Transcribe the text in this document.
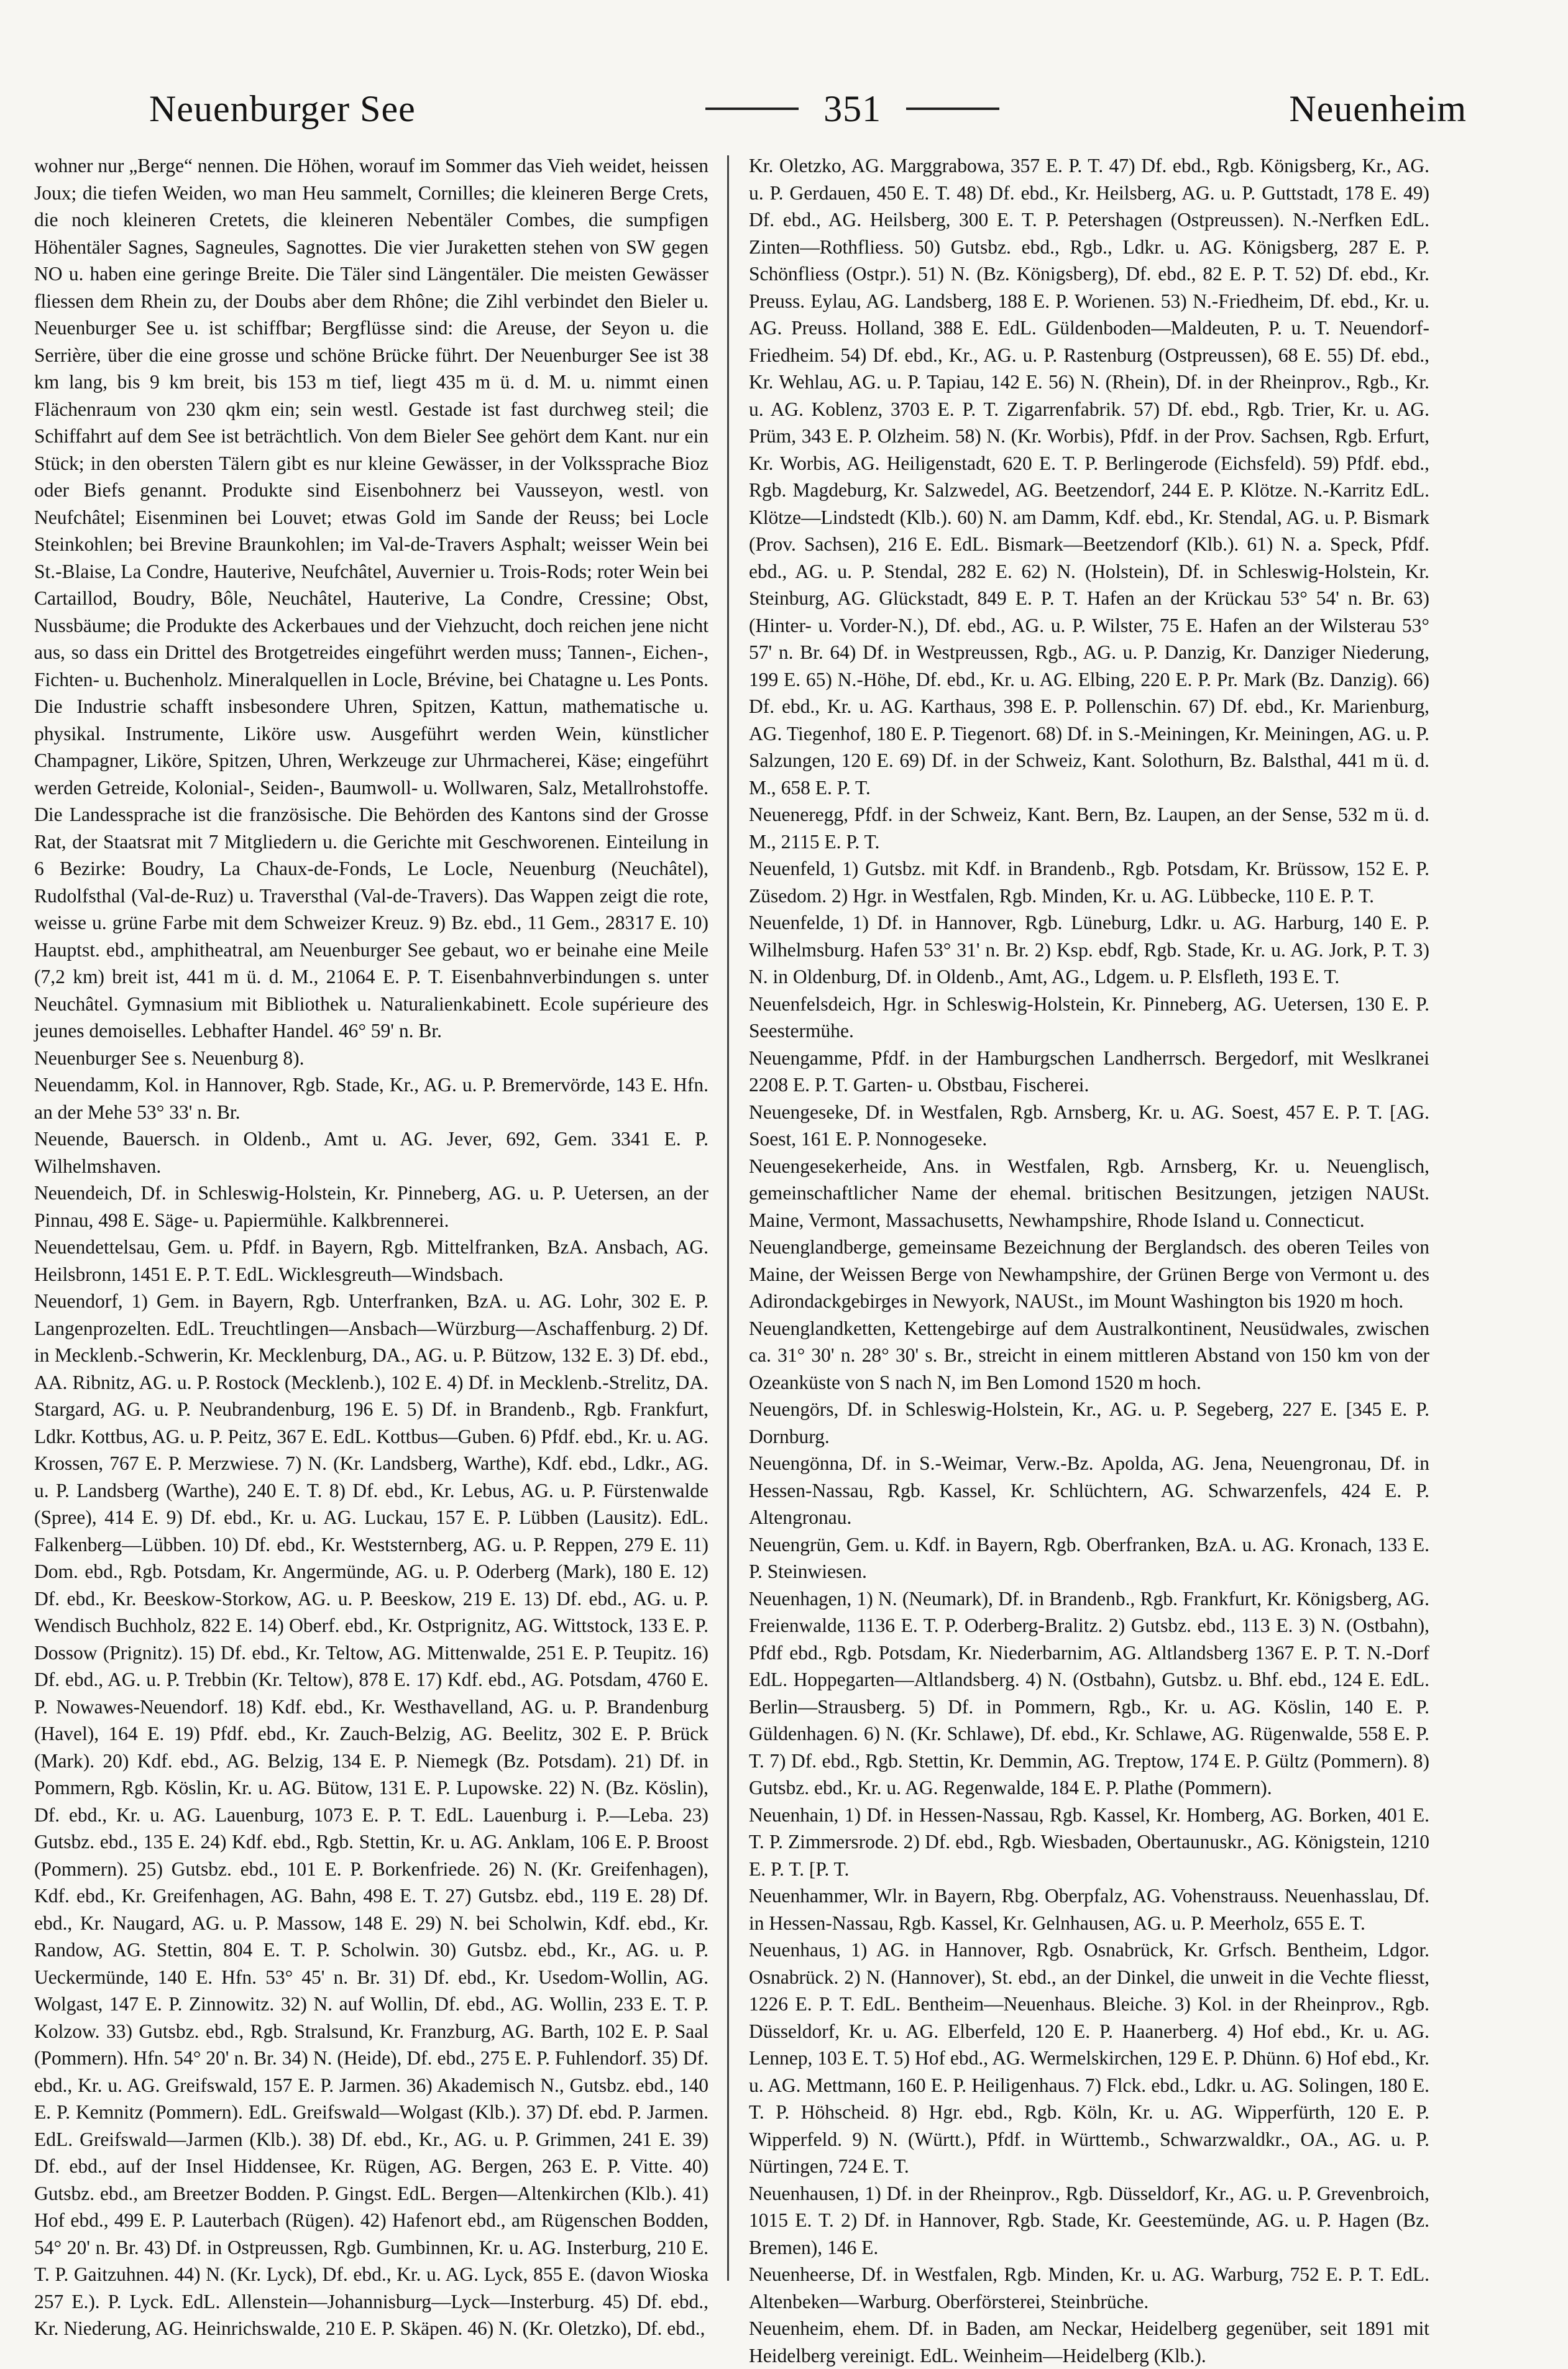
Neuenburger See	351	Neuenheim

wohner nur „Berge“ nennen. Die Höhen, worauf im Sommer das Vieh weidet, heissen Joux; die tiefen Weiden, wo man Heu sammelt, Cornilles; die kleineren Berge Crets, die noch kleineren Cretets, die kleineren Nebentäler Combes, die sumpfigen Höhentäler Sagnes, Sagneules, Sagnottes. Die vier Juraketten stehen von SW gegen NO u. haben eine geringe Breite. Die Täler sind Längentäler. Die meisten Gewässer fliessen dem Rhein zu, der Doubs aber dem Rhône; die Zihl verbindet den Bieler u. Neuenburger See u. ist schiffbar; Bergflüsse sind: die Areuse, der Seyon u. die Serrière, über die eine grosse und schöne Brücke führt. Der Neuenburger See ist 38 km lang, bis 9 km breit, bis 153 m tief, liegt 435 m ü. d. M. u. nimmt einen Flächenraum von 230 qkm ein; sein westl. Gestade ist fast durchweg steil; die Schiffahrt auf dem See ist beträchtlich. Von dem Bieler See gehört dem Kant. nur ein Stück; in den obersten Tälern gibt es nur kleine Gewässer, in der Volkssprache Bioz oder Biefs genannt. Produkte sind Eisenbohnerz bei Vausseyon, westl. von Neufchâtel; Eisenminen bei Louvet; etwas Gold im Sande der Reuss; bei Locle Steinkohlen; bei Brevine Braunkohlen; im Val-de-Travers Asphalt; weisser Wein bei St.-Blaise, La Condre, Hauterive, Neufchâtel, Auvernier u. Trois-Rods; roter Wein bei Cartaillod, Boudry, Bôle, Neuchâtel, Hauterive, La Condre, Cressine; Obst, Nussbäume; die Produkte des Ackerbaues und der Viehzucht, doch reichen jene nicht aus, so dass ein Drittel des Brotgetreides eingeführt werden muss; Tannen-, Eichen-, Fichten- u. Buchenholz. Mineralquellen in Locle, Brévine, bei Chatagne u. Les Ponts. Die Industrie schafft insbesondere Uhren, Spitzen, Kattun, mathematische u. physikal. Instrumente, Liköre usw. Ausgeführt werden Wein, künstlicher Champagner, Liköre, Spitzen, Uhren, Werkzeuge zur Uhrmacherei, Käse; eingeführt werden Getreide, Kolonial-, Seiden-, Baumwoll- u. Wollwaren, Salz, Metallrohstoffe. Die Landessprache ist die französische. Die Behörden des Kantons sind der Grosse Rat, der Staatsrat mit 7 Mitgliedern u. die Gerichte mit Geschworenen. Einteilung in 6 Bezirke: Boudry, La Chaux-de-Fonds, Le Locle, Neuenburg (Neuchâtel), Rudolfsthal (Val-de-Ruz) u. Traversthal (Val-de-Travers). Das Wappen zeigt die rote, weisse u. grüne Farbe mit dem Schweizer Kreuz. 9) Bz. ebd., 11 Gem., 28317 E. 10) Hauptst. ebd., amphitheatral, am Neuenburger See gebaut, wo er beinahe eine Meile (7,2 km) breit ist, 441 m ü. d. M., 21064 E. P. T. Eisenbahnverbindungen s. unter Neuchâtel. Gymnasium mit Bibliothek u. Naturalienkabinett. Ecole supérieure des jeunes demoiselles. Lebhafter Handel. 46° 59' n. Br.

Neuenburger See s. Neuenburg 8).

Neuendamm, Kol. in Hannover, Rgb. Stade, Kr., AG. u. P. Bremervörde, 143 E. Hfn. an der Mehe 53° 33' n. Br.

Neuende, Bauersch. in Oldenb., Amt u. AG. Jever, 692, Gem. 3341 E. P. Wilhelmshaven.

Neuendeich, Df. in Schleswig-Holstein, Kr. Pinneberg, AG. u. P. Uetersen, an der Pinnau, 498 E. Säge- u. Papiermühle. Kalkbrennerei.

Neuendettelsau, Gem. u. Pfdf. in Bayern, Rgb. Mittelfranken, BzA. Ansbach, AG. Heilsbronn, 1451 E. P. T. EdL. Wicklesgreuth—Windsbach.

Neuendorf, 1) Gem. in Bayern, Rgb. Unterfranken, BzA. u. AG. Lohr, 302 E. P. Langenprozelten. EdL. Treuchtlingen—Ansbach—Würzburg—Aschaffenburg. 2) Df. in Mecklenb.-Schwerin, Kr. Mecklenburg, DA., AG. u. P. Bützow, 132 E. 3) Df. ebd., AA. Ribnitz, AG. u. P. Rostock (Mecklenb.), 102 E. 4) Df. in Mecklenb.-Strelitz, DA. Stargard, AG. u. P. Neubrandenburg, 196 E. 5) Df. in Brandenb., Rgb. Frankfurt, Ldkr. Kottbus, AG. u. P. Peitz, 367 E. EdL. Kottbus—Guben. 6) Pfdf. ebd., Kr. u. AG. Krossen, 767 E. P. Merzwiese. 7) N. (Kr. Landsberg, Warthe), Kdf. ebd., Ldkr., AG. u. P. Landsberg (Warthe), 240 E. T. 8) Df. ebd., Kr. Lebus, AG. u. P. Fürstenwalde (Spree), 414 E. 9) Df. ebd., Kr. u. AG. Luckau, 157 E. P. Lübben (Lausitz). EdL. Falkenberg—Lübben. 10) Df. ebd., Kr. Weststernberg, AG. u. P. Reppen, 279 E. 11) Dom. ebd., Rgb. Potsdam, Kr. Angermünde, AG. u. P. Oderberg (Mark), 180 E. 12) Df. ebd., Kr. Beeskow-Storkow, AG. u. P. Beeskow, 219 E. 13) Df. ebd., AG. u. P. Wendisch Buchholz, 822 E. 14) Oberf. ebd., Kr. Ostprignitz, AG. Wittstock, 133 E. P. Dossow (Prignitz). 15) Df. ebd., Kr. Teltow, AG. Mittenwalde, 251 E. P. Teupitz. 16) Df. ebd., AG. u. P. Trebbin (Kr. Teltow), 878 E. 17) Kdf. ebd., AG. Potsdam, 4760 E. P. Nowawes-Neuendorf. 18) Kdf. ebd., Kr. Westhavelland, AG. u. P. Brandenburg (Havel), 164 E. 19) Pfdf. ebd., Kr. Zauch-Belzig, AG. Beelitz, 302 E. P. Brück (Mark). 20) Kdf. ebd., AG. Belzig, 134 E. P. Niemegk (Bz. Potsdam). 21) Df. in Pommern, Rgb. Köslin, Kr. u. AG. Bütow, 131 E. P. Lupowske. 22) N. (Bz. Köslin), Df. ebd., Kr. u. AG. Lauenburg, 1073 E. P. T. EdL. Lauenburg i. P.—Leba. 23) Gutsbz. ebd., 135 E. 24) Kdf. ebd., Rgb. Stettin, Kr. u. AG. Anklam, 106 E. P. Broost (Pommern). 25) Gutsbz. ebd., 101 E. P. Borkenfriede. 26) N. (Kr. Greifenhagen), Kdf. ebd., Kr. Greifenhagen, AG. Bahn, 498 E. T. 27) Gutsbz. ebd., 119 E. 28) Df. ebd., Kr. Naugard, AG. u. P. Massow, 148 E. 29) N. bei Scholwin, Kdf. ebd., Kr. Randow, AG. Stettin, 804 E. T. P. Scholwin. 30) Gutsbz. ebd., Kr., AG. u. P. Ueckermünde, 140 E. Hfn. 53° 45' n. Br. 31) Df. ebd., Kr. Usedom-Wollin, AG. Wolgast, 147 E. P. Zinnowitz. 32) N. auf Wollin, Df. ebd., AG. Wollin, 233 E. T. P. Kolzow. 33) Gutsbz. ebd., Rgb. Stralsund, Kr. Franzburg, AG. Barth, 102 E. P. Saal (Pommern). Hfn. 54° 20' n. Br. 34) N. (Heide), Df. ebd., 275 E. P. Fuhlendorf. 35) Df. ebd., Kr. u. AG. Greifswald, 157 E. P. Jarmen. 36) Akademisch N., Gutsbz. ebd., 140 E. P. Kemnitz (Pommern). EdL. Greifswald—Wolgast (Klb.). 37) Df. ebd. P. Jarmen. EdL. Greifswald—Jarmen (Klb.). 38) Df. ebd., Kr., AG. u. P. Grimmen, 241 E. 39) Df. ebd., auf der Insel Hiddensee, Kr. Rügen, AG. Bergen, 263 E. P. Vitte. 40) Gutsbz. ebd., am Breetzer Bodden. P. Gingst. EdL. Bergen—Altenkirchen (Klb.). 41) Hof ebd., 499 E. P. Lauterbach (Rügen). 42) Hafenort ebd., am Rügenschen Bodden, 54° 20' n. Br. 43) Df. in Ostpreussen, Rgb. Gumbinnen, Kr. u. AG. Insterburg, 210 E. T. P. Gaitzuhnen. 44) N. (Kr. Lyck), Df. ebd., Kr. u. AG. Lyck, 855 E. (davon Wioska 257 E.). P. Lyck. EdL. Allenstein—Johannisburg—Lyck—Insterburg. 45) Df. ebd., Kr. Niederung, AG. Heinrichswalde, 210 E. P. Skäpen. 46) N. (Kr. Oletzko), Df. ebd.,

Kr. Oletzko, AG. Marggrabowa, 357 E. P. T. 47) Df. ebd., Rgb. Königsberg, Kr., AG. u. P. Gerdauen, 450 E. T. 48) Df. ebd., Kr. Heilsberg, AG. u. P. Guttstadt, 178 E. 49) Df. ebd., AG. Heilsberg, 300 E. T. P. Petershagen (Ostpreussen). N.-Nerfken EdL. Zinten—Rothfliess. 50) Gutsbz. ebd., Rgb., Ldkr. u. AG. Königsberg, 287 E. P. Schönfliess (Ostpr.). 51) N. (Bz. Königsberg), Df. ebd., 82 E. P. T. 52) Df. ebd., Kr. Preuss. Eylau, AG. Landsberg, 188 E. P. Worienen. 53) N.-Friedheim, Df. ebd., Kr. u. AG. Preuss. Holland, 388 E. EdL. Güldenboden—Maldeuten, P. u. T. Neuendorf-Friedheim. 54) Df. ebd., Kr., AG. u. P. Rastenburg (Ostpreussen), 68 E. 55) Df. ebd., Kr. Wehlau, AG. u. P. Tapiau, 142 E. 56) N. (Rhein), Df. in der Rheinprov., Rgb., Kr. u. AG. Koblenz, 3703 E. P. T. Zigarrenfabrik. 57) Df. ebd., Rgb. Trier, Kr. u. AG. Prüm, 343 E. P. Olzheim. 58) N. (Kr. Worbis), Pfdf. in der Prov. Sachsen, Rgb. Erfurt, Kr. Worbis, AG. Heiligenstadt, 620 E. T. P. Berlingerode (Eichsfeld). 59) Pfdf. ebd., Rgb. Magdeburg, Kr. Salzwedel, AG. Beetzendorf, 244 E. P. Klötze. N.-Karritz EdL. Klötze—Lindstedt (Klb.). 60) N. am Damm, Kdf. ebd., Kr. Stendal, AG. u. P. Bismark (Prov. Sachsen), 216 E. EdL. Bismark—Beetzendorf (Klb.). 61) N. a. Speck, Pfdf. ebd., AG. u. P. Stendal, 282 E. 62) N. (Holstein), Df. in Schleswig-Holstein, Kr. Steinburg, AG. Glückstadt, 849 E. P. T. Hafen an der Krückau 53° 54' n. Br. 63) (Hinter- u. Vorder-N.), Df. ebd., AG. u. P. Wilster, 75 E. Hafen an der Wilsterau 53° 57' n. Br. 64) Df. in Westpreussen, Rgb., AG. u. P. Danzig, Kr. Danziger Niederung, 199 E. 65) N.-Höhe, Df. ebd., Kr. u. AG. Elbing, 220 E. P. Pr. Mark (Bz. Danzig). 66) Df. ebd., Kr. u. AG. Karthaus, 398 E. P. Pollenschin. 67) Df. ebd., Kr. Marienburg, AG. Tiegenhof, 180 E. P. Tiegenort. 68) Df. in S.-Meiningen, Kr. Meiningen, AG. u. P. Salzungen, 120 E. 69) Df. in der Schweiz, Kant. Solothurn, Bz. Balsthal, 441 m ü. d. M., 658 E. P. T.

Neueneregg, Pfdf. in der Schweiz, Kant. Bern, Bz. Laupen, an der Sense, 532 m ü. d. M., 2115 E. P. T.

Neuenfeld, 1) Gutsbz. mit Kdf. in Brandenb., Rgb. Potsdam, Kr. Brüssow, 152 E. P. Züsedom. 2) Hgr. in Westfalen, Rgb. Minden, Kr. u. AG. Lübbecke, 110 E. P. T.

Neuenfelde, 1) Df. in Hannover, Rgb. Lüneburg, Ldkr. u. AG. Harburg, 140 E. P. Wilhelmsburg. Hafen 53° 31' n. Br. 2) Ksp. ebdf, Rgb. Stade, Kr. u. AG. Jork, P. T. 3) N. in Oldenburg, Df. in Oldenb., Amt, AG., Ldgem. u. P. Elsfleth, 193 E. T.

Neuenfelsdeich, Hgr. in Schleswig-Holstein, Kr. Pinneberg, AG. Uetersen, 130 E. P. Seestermühe.

Neuengamme, Pfdf. in der Hamburgschen Landherrsch. Bergedorf, mit Weslkranei 2208 E. P. T. Garten- u. Obstbau, Fischerei.

Neuengeseke, Df. in Westfalen, Rgb. Arnsberg, Kr. u. AG. Soest, 457 E. P. T. [AG. Soest, 161 E. P. Nonnogeseke.

Neuengesekerheide, Ans. in Westfalen, Rgb. Arnsberg, Kr. u. Neuenglisch, gemeinschaftlicher Name der ehemal. britischen Besitzungen, jetzigen NAUSt. Maine, Vermont, Massachusetts, Newhampshire, Rhode Island u. Connecticut.

Neuenglandberge, gemeinsame Bezeichnung der Berglandsch. des oberen Teiles von Maine, der Weissen Berge von Newhampshire, der Grünen Berge von Vermont u. des Adirondackgebirges in Newyork, NAUSt., im Mount Washington bis 1920 m hoch.

Neuenglandketten, Kettengebirge auf dem Australkontinent, Neusüdwales, zwischen ca. 31° 30' n. 28° 30' s. Br., streicht in einem mittleren Abstand von 150 km von der Ozeanküste von S nach N, im Ben Lomond 1520 m hoch.

Neuengörs, Df. in Schleswig-Holstein, Kr., AG. u. P. Segeberg, 227 E. [345 E. P. Dornburg.

Neuengönna, Df. in S.-Weimar, Verw.-Bz. Apolda, AG. Jena, Neuengronau, Df. in Hessen-Nassau, Rgb. Kassel, Kr. Schlüchtern, AG. Schwarzenfels, 424 E. P. Altengronau.

Neuengrün, Gem. u. Kdf. in Bayern, Rgb. Oberfranken, BzA. u. AG. Kronach, 133 E. P. Steinwiesen.

Neuenhagen, 1) N. (Neumark), Df. in Brandenb., Rgb. Frankfurt, Kr. Königsberg, AG. Freienwalde, 1136 E. T. P. Oderberg-Bralitz. 2) Gutsbz. ebd., 113 E. 3) N. (Ostbahn), Pfdf ebd., Rgb. Potsdam, Kr. Niederbarnim, AG. Altlandsberg 1367 E. P. T. N.-Dorf EdL. Hoppegarten—Altlandsberg. 4) N. (Ostbahn), Gutsbz. u. Bhf. ebd., 124 E. EdL. Berlin—Strausberg. 5) Df. in Pommern, Rgb., Kr. u. AG. Köslin, 140 E. P. Güldenhagen. 6) N. (Kr. Schlawe), Df. ebd., Kr. Schlawe, AG. Rügenwalde, 558 E. P. T. 7) Df. ebd., Rgb. Stettin, Kr. Demmin, AG. Treptow, 174 E. P. Gültz (Pommern). 8) Gutsbz. ebd., Kr. u. AG. Regenwalde, 184 E. P. Plathe (Pommern).

Neuenhain, 1) Df. in Hessen-Nassau, Rgb. Kassel, Kr. Homberg, AG. Borken, 401 E. T. P. Zimmersrode. 2) Df. ebd., Rgb. Wiesbaden, Obertaunuskr., AG. Königstein, 1210 E. P. T. [P. T.

Neuenhammer, Wlr. in Bayern, Rbg. Oberpfalz, AG. Vohenstrauss. Neuenhasslau, Df. in Hessen-Nassau, Rgb. Kassel, Kr. Gelnhausen, AG. u. P. Meerholz, 655 E. T.

Neuenhaus, 1) AG. in Hannover, Rgb. Osnabrück, Kr. Grfsch. Bentheim, Ldgor. Osnabrück. 2) N. (Hannover), St. ebd., an der Dinkel, die unweit in die Vechte fliesst, 1226 E. P. T. EdL. Bentheim—Neuenhaus. Bleiche. 3) Kol. in der Rheinprov., Rgb. Düsseldorf, Kr. u. AG. Elberfeld, 120 E. P. Haanerberg. 4) Hof ebd., Kr. u. AG. Lennep, 103 E. T. 5) Hof ebd., AG. Wermelskirchen, 129 E. P. Dhünn. 6) Hof ebd., Kr. u. AG. Mettmann, 160 E. P. Heiligenhaus. 7) Flck. ebd., Ldkr. u. AG. Solingen, 180 E. T. P. Höhscheid. 8) Hgr. ebd., Rgb. Köln, Kr. u. AG. Wipperfürth, 120 E. P. Wipperfeld. 9) N. (Württ.), Pfdf. in Württemb., Schwarzwaldkr., OA., AG. u. P. Nürtingen, 724 E. T.

Neuenhausen, 1) Df. in der Rheinprov., Rgb. Düsseldorf, Kr., AG. u. P. Grevenbroich, 1015 E. T. 2) Df. in Hannover, Rgb. Stade, Kr. Geestemünde, AG. u. P. Hagen (Bz. Bremen), 146 E.

Neuenheerse, Df. in Westfalen, Rgb. Minden, Kr. u. AG. Warburg, 752 E. P. T. EdL. Altenbeken—Warburg. Oberförsterei, Steinbrüche.

Neuenheim, ehem. Df. in Baden, am Neckar, Heidelberg gegenüber, seit 1891 mit Heidelberg vereinigt. EdL. Weinheim—Heidelberg (Klb.).
